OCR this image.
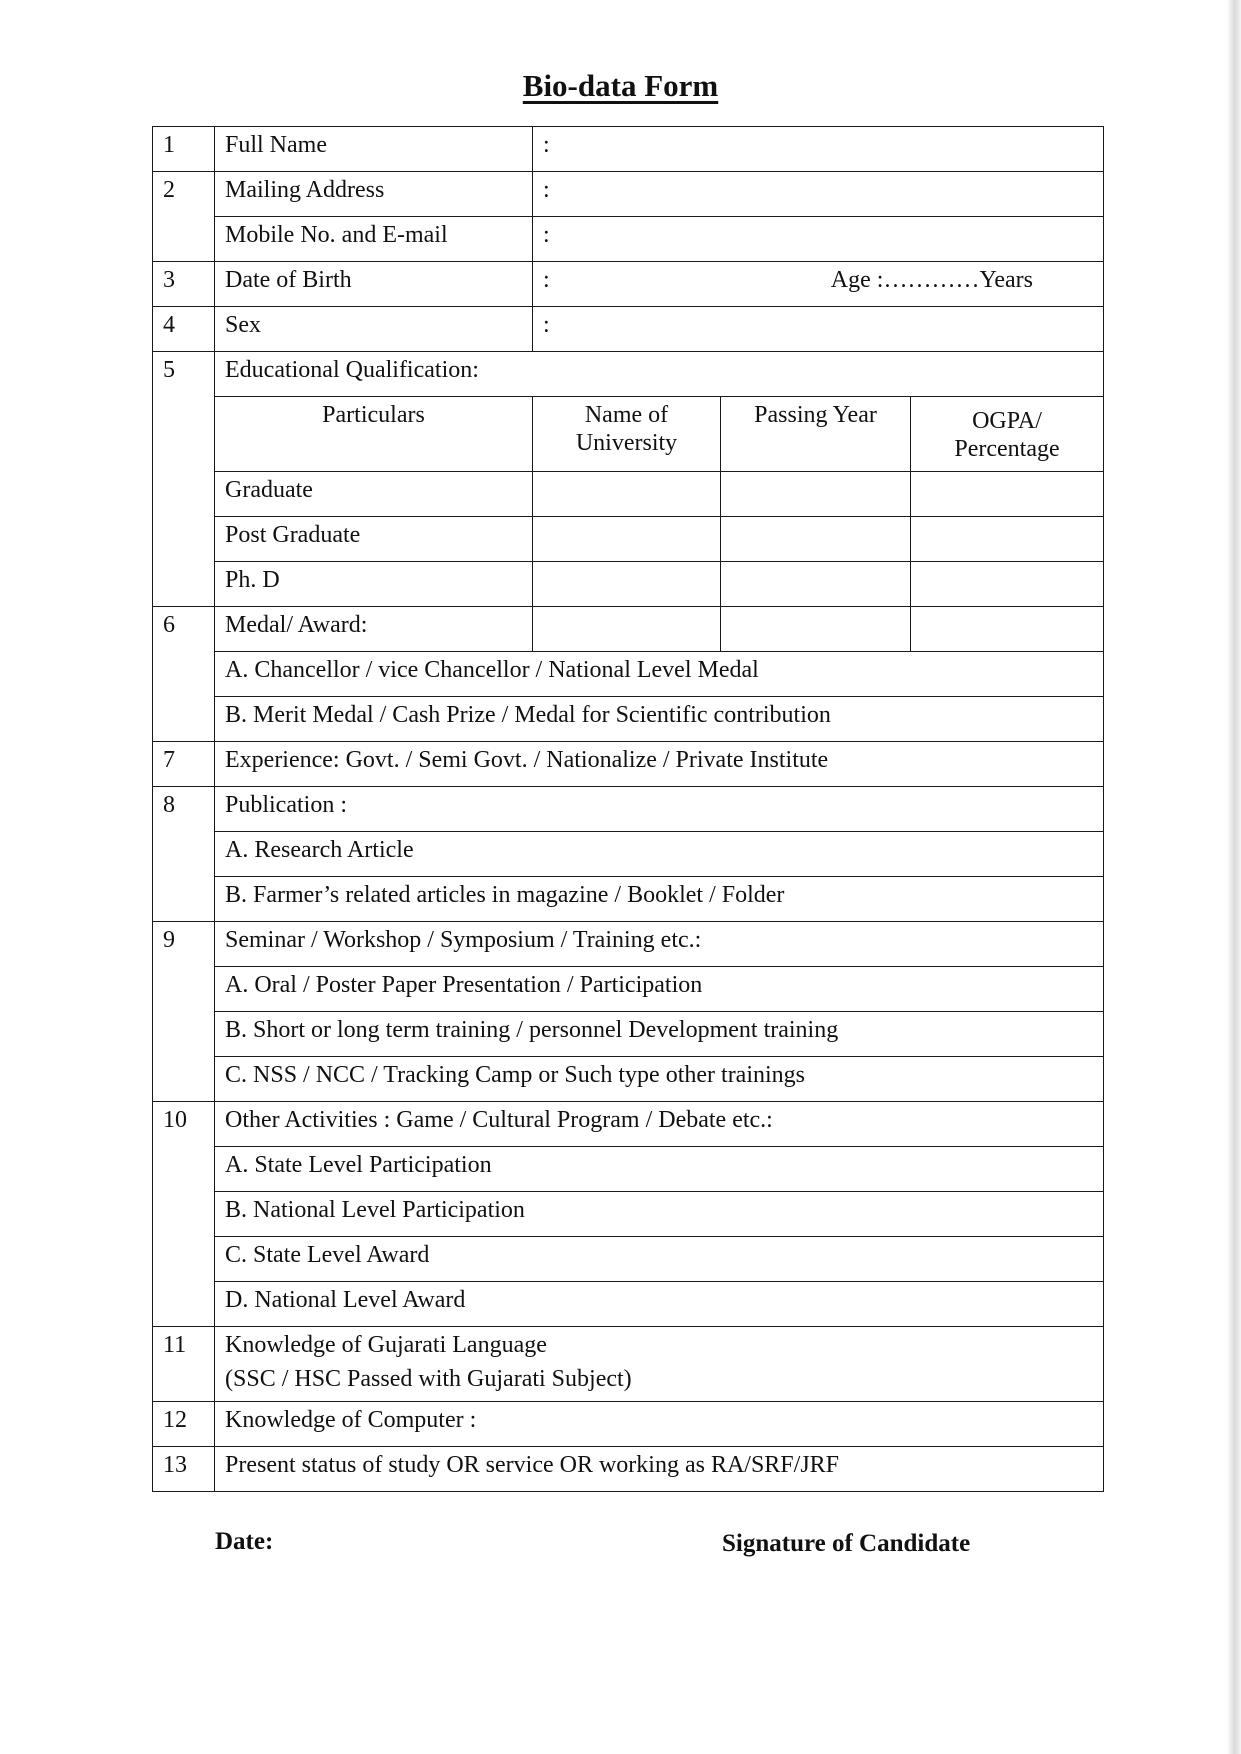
Bio-data Form
1	Full Name	:		
2	Mailing Address	:		
	Mobile No. and E-mail	:		
3	Date of Birth	: Age :…………Years		

4	Sex	:		
5	Educational Qualification:			
	Particulars	Name of University	Passing Year	OGPA/ Percentage
	Graduate			
	Post Graduate			
	Ph. D			
6	Medal/ Award:			
	A. Chancellor / vice Chancellor / National Level Medal			
	B. Merit Medal / Cash Prize / Medal for Scientific contribution			
7	Experience: Govt. / Semi Govt. / Nationalize / Private Institute			
8	Publication :			
	A. Research Article			
	B. Farmer’s related articles in magazine / Booklet / Folder			
9	Seminar / Workshop / Symposium / Training etc.:			
	A. Oral / Poster Paper Presentation / Participation			
	B. Short or long term training / personnel Development training			
	C. NSS / NCC / Tracking Camp or Such type other trainings			
10	Other Activities : Game / Cultural Program / Debate etc.:			
	A. State Level Participation			
	B. National Level Participation			
	C. State Level Award			
	D. National Level Award			
11	Knowledge of Gujarati Language
(SSC / HSC Passed with Gujarati Subject)			

12	Knowledge of Computer :			
13	Present status of study OR service OR working as RA/SRF/JRF			
Date:	Signature of Candidate
